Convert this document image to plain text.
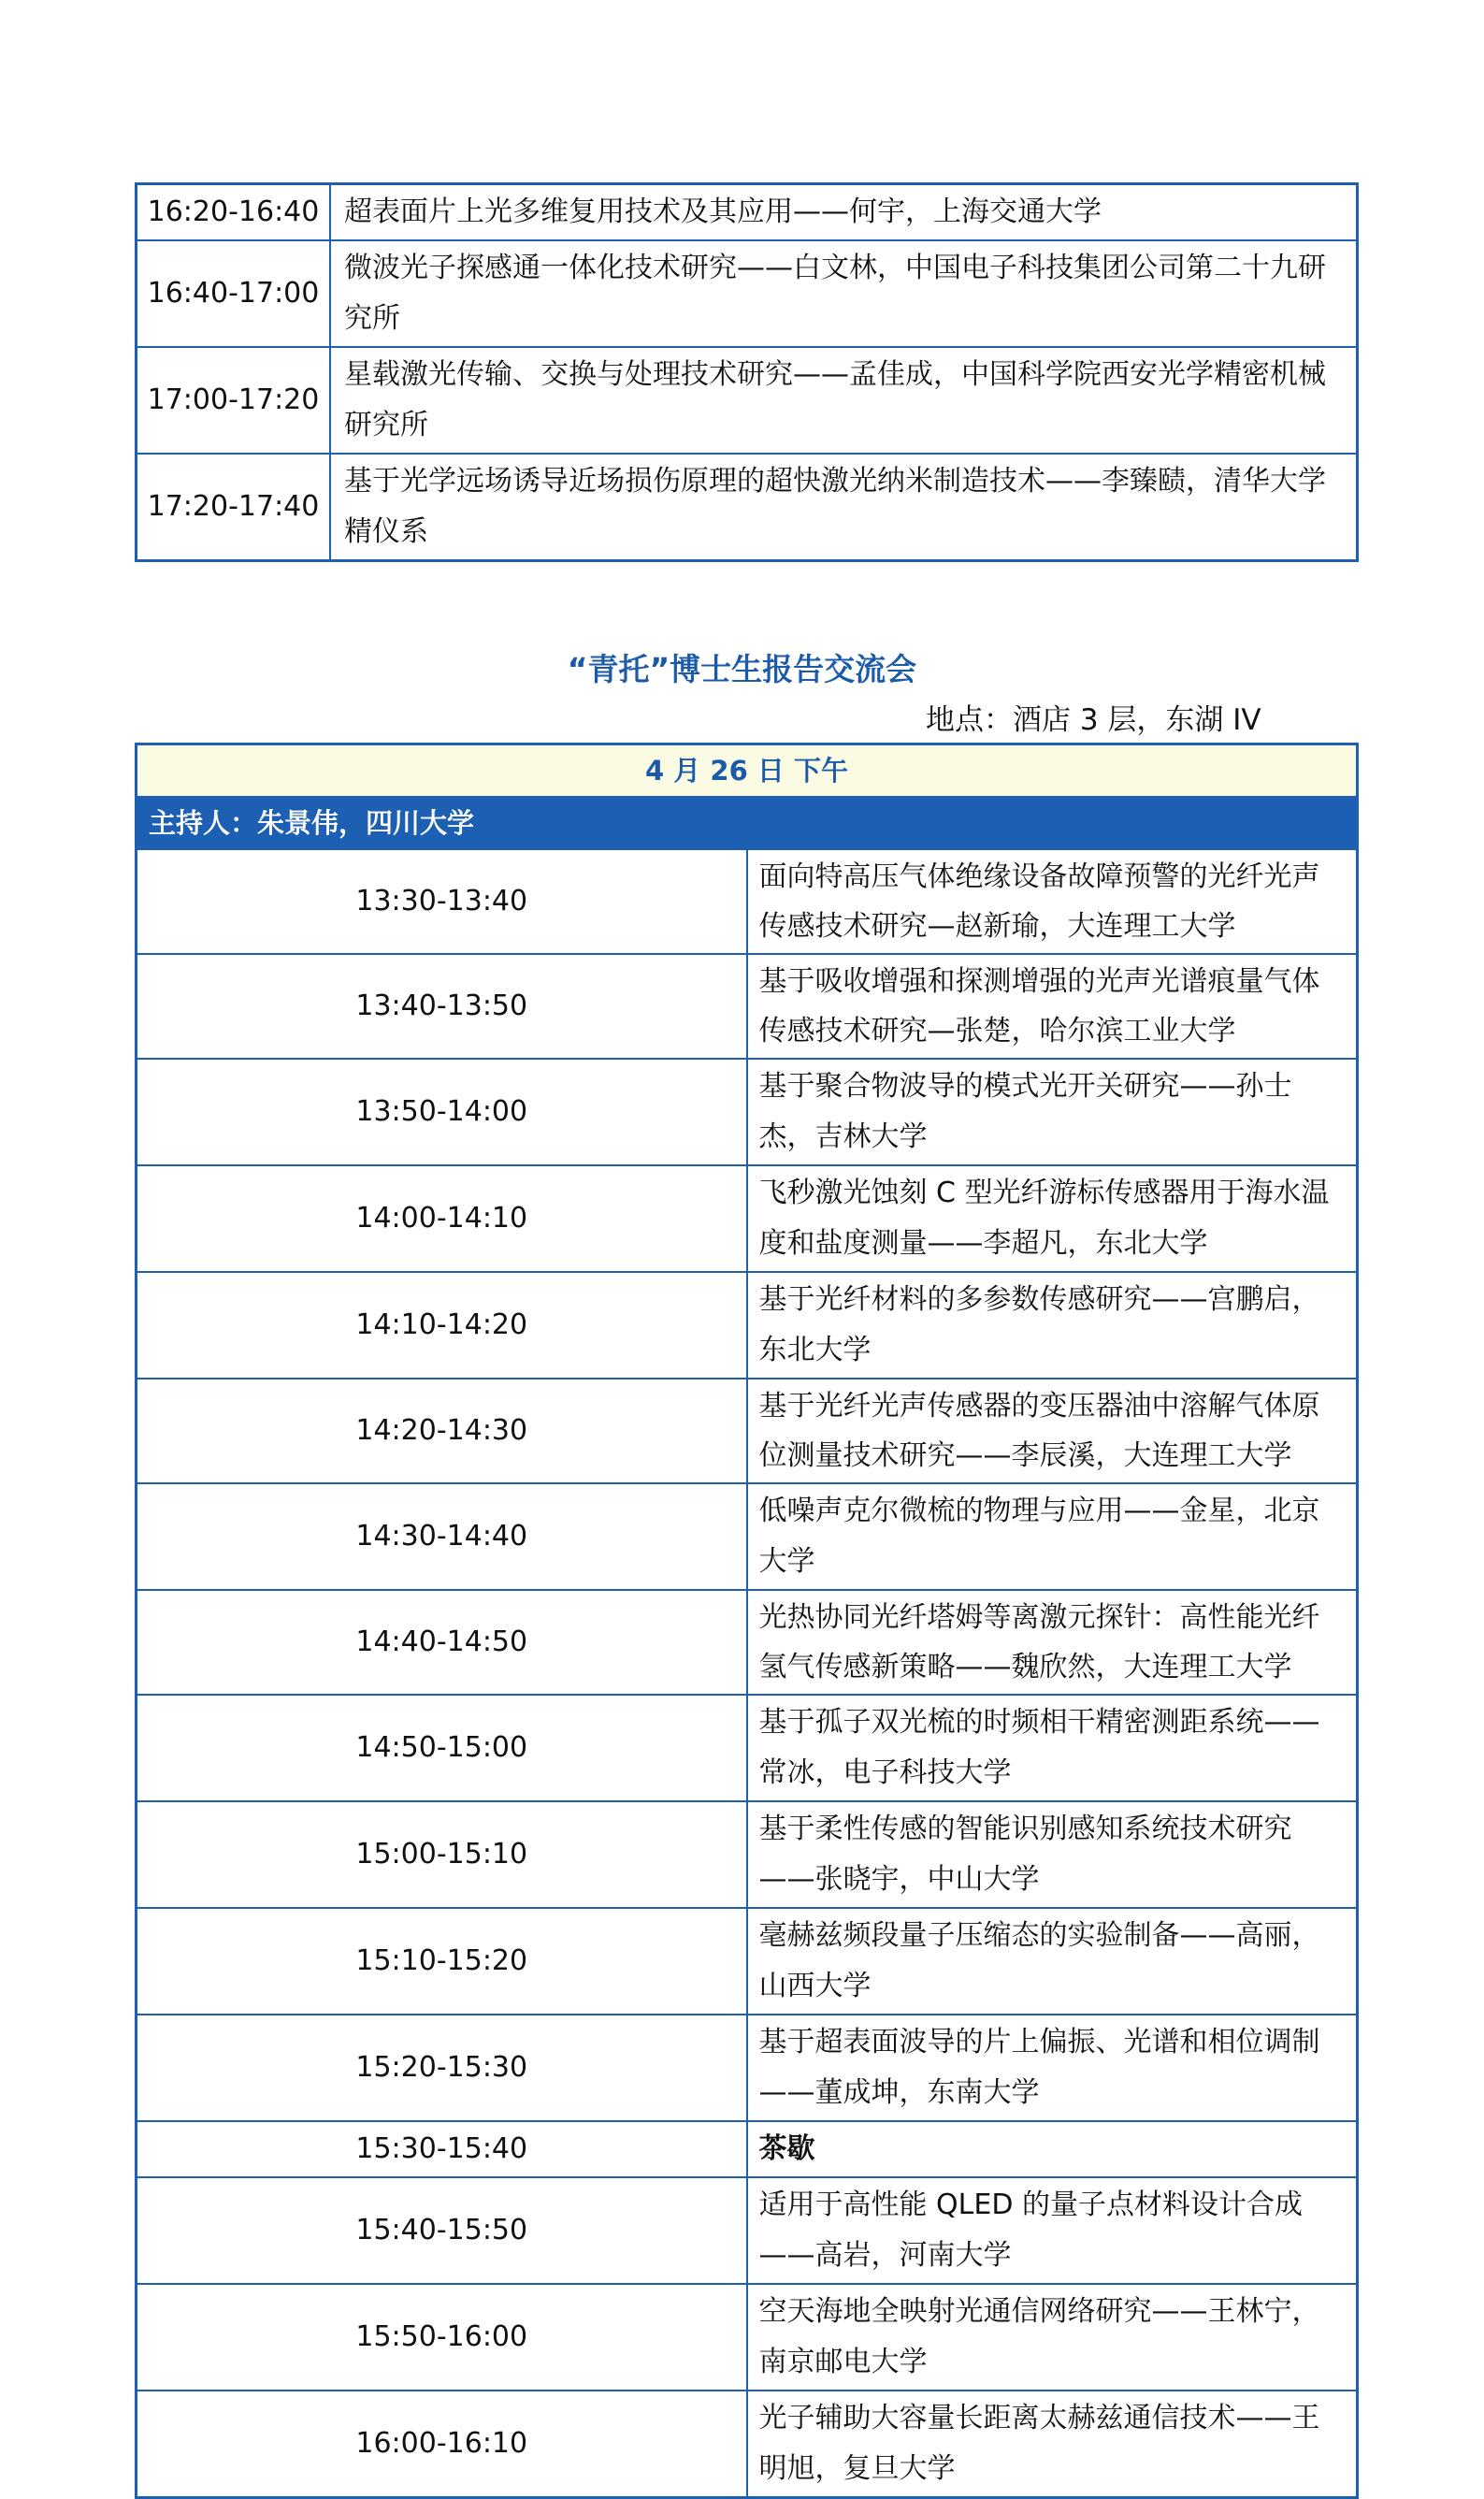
16:20-16:40	超表面片上光多维复用技术及其应用——何宇，上海交通大学
16:40-17:00	微波光子探感通一体化技术研究——白文林，中国电子科技集团公司第二十九研究所
17:00-17:20	星载激光传输、交换与处理技术研究——孟佳成，中国科学院西安光学精密机械研究所
17:20-17:40	基于光学远场诱导近场损伤原理的超快激光纳米制造技术——李臻赜，清华大学精仪系
“青托”博士生报告交流会
地点：酒店 3 层，东湖 IV
4 月 26 日 下午	
主持人：朱景伟，四川大学	
13:30-13:40	面向特高压气体绝缘设备故障预警的光纤光声传感技术研究—赵新瑜，大连理工大学
13:40-13:50	基于吸收增强和探测增强的光声光谱痕量气体传感技术研究—张楚，哈尔滨工业大学
13:50-14:00	基于聚合物波导的模式光开关研究——孙士杰，吉林大学
14:00-14:10	飞秒激光蚀刻 C 型光纤游标传感器用于海水温度和盐度测量——李超凡，东北大学
14:10-14:20	基于光纤材料的多参数传感研究——宫鹏启，东北大学
14:20-14:30	基于光纤光声传感器的变压器油中溶解气体原位测量技术研究——李辰溪，大连理工大学
14:30-14:40	低噪声克尔微梳的物理与应用——金星，北京大学
14:40-14:50	光热协同光纤塔姆等离激元探针：高性能光纤氢气传感新策略——魏欣然，大连理工大学
14:50-15:00	基于孤子双光梳的时频相干精密测距系统——常冰，电子科技大学
15:00-15:10	基于柔性传感的智能识别感知系统技术研究——张晓宇，中山大学
15:10-15:20	毫赫兹频段量子压缩态的实验制备——高丽，山西大学
15:20-15:30	基于超表面波导的片上偏振、光谱和相位调制——董成坤，东南大学
15:30-15:40	茶歇
15:40-15:50	适用于高性能 QLED 的量子点材料设计合成——高岩，河南大学
15:50-16:00	空天海地全映射光通信网络研究——王林宁，南京邮电大学
16:00-16:10	光子辅助大容量长距离太赫兹通信技术——王明旭，复旦大学
